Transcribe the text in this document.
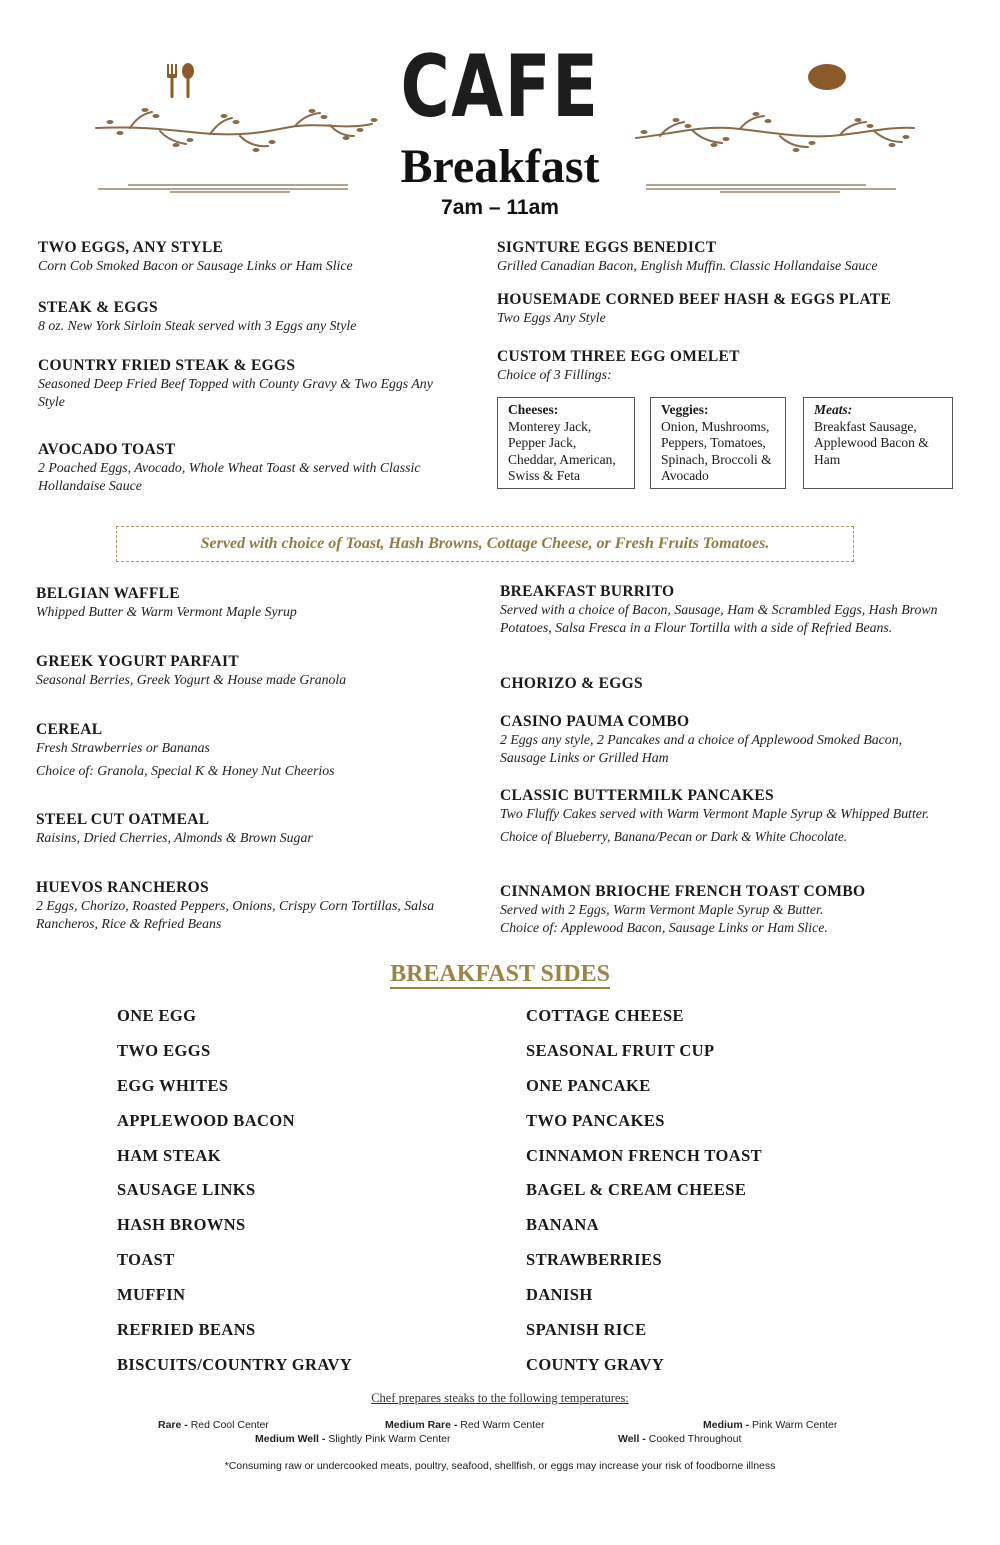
CAFE
Breakfast
7am – 11am
TWO EGGS, ANY STYLE
Corn Cob Smoked Bacon or Sausage Links or Ham Slice
STEAK & EGGS
8 oz. New York Sirloin Steak served with 3 Eggs any Style
COUNTRY FRIED STEAK & EGGS
Seasoned Deep Fried Beef Topped with County Gravy & Two Eggs Any Style
AVOCADO TOAST
2 Poached Eggs, Avocado, Whole Wheat Toast & served with Classic Hollandaise Sauce
SIGNTURE EGGS BENEDICT
Grilled Canadian Bacon, English Muffin. Classic Hollandaise Sauce
HOUSEMADE CORNED BEEF HASH & EGGS PLATE
Two Eggs Any Style
CUSTOM THREE EGG OMELET
Choice of 3 Fillings:
Cheeses:
Monterey Jack, Pepper Jack, Cheddar, American, Swiss & Feta
Veggies:
Onion, Mushrooms, Peppers, Tomatoes, Spinach, Broccoli & Avocado
Meats:
Breakfast Sausage, Applewood Bacon & Ham
Served with choice of Toast, Hash Browns, Cottage Cheese, or Fresh Fruits Tomatoes.
BELGIAN WAFFLE
Whipped Butter & Warm Vermont Maple Syrup
GREEK YOGURT PARFAIT
Seasonal Berries, Greek Yogurt & House made Granola
CEREAL
Fresh Strawberries or Bananas
Choice of: Granola, Special K & Honey Nut Cheerios
STEEL CUT OATMEAL
Raisins, Dried Cherries, Almonds & Brown Sugar
HUEVOS RANCHEROS
2 Eggs, Chorizo, Roasted Peppers, Onions, Crispy Corn Tortillas, Salsa Rancheros, Rice & Refried Beans
BREAKFAST BURRITO
Served with a choice of Bacon, Sausage, Ham & Scrambled Eggs, Hash Brown Potatoes, Salsa Fresca in a Flour Tortilla with a side of Refried Beans.
CHORIZO & EGGS
CASINO PAUMA COMBO
2 Eggs any style, 2 Pancakes and a choice of Applewood Smoked Bacon, Sausage Links or Grilled Ham
CLASSIC BUTTERMILK PANCAKES
Two Fluffy Cakes served with Warm Vermont Maple Syrup & Whipped Butter.
Choice of Blueberry, Banana/Pecan or Dark & White Chocolate.
CINNAMON BRIOCHE FRENCH TOAST COMBO
Served with 2 Eggs, Warm Vermont Maple Syrup & Butter.
Choice of: Applewood Bacon, Sausage Links or Ham Slice.
BREAKFAST SIDES
ONE EGG
TWO EGGS
EGG WHITES
APPLEWOOD BACON
HAM STEAK
SAUSAGE LINKS
HASH BROWNS
TOAST
MUFFIN
REFRIED BEANS
BISCUITS/COUNTRY GRAVY
COTTAGE CHEESE
SEASONAL FRUIT CUP
ONE PANCAKE
TWO PANCAKES
CINNAMON FRENCH TOAST
BAGEL & CREAM CHEESE
BANANA
STRAWBERRIES
DANISH
SPANISH RICE
COUNTY GRAVY
Chef prepares steaks to the following temperatures:
Rare - Red Cool Center	Medium Rare - Red Warm Center	Medium - Pink Warm Center
Medium Well - Slightly Pink Warm Center	Well - Cooked Throughout
*Consuming raw or undercooked meats, poultry, seafood, shellfish, or eggs may increase your risk of foodborne illness
